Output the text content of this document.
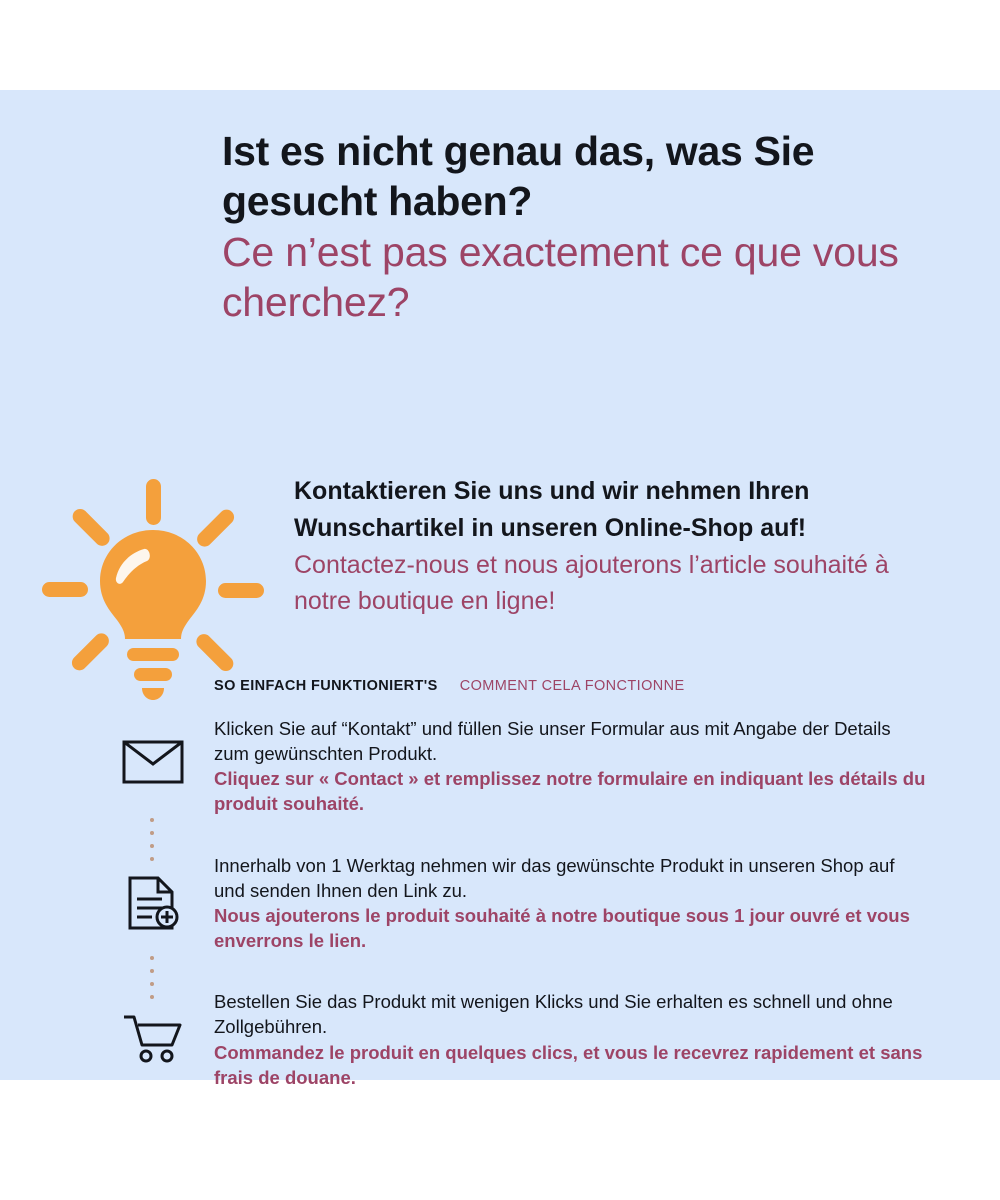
Ist es nicht genau das, was Sie gesucht haben?

Ce n’est pas exactement ce que vous cherchez?

Kontaktieren Sie uns und wir nehmen Ihren Wunschartikel in unseren Online-Shop auf!

Contactez-nous et nous ajouterons l’article souhaité à notre boutique en ligne!

SO EINFACH FUNKTIONIERT'S COMMENT CELA FONCTIONNE

Klicken Sie auf “Kontakt” und füllen Sie unser Formular aus mit Angabe der Details zum gewünschten Produkt.

Cliquez sur « Contact » et remplissez notre formulaire en indiquant les détails du produit souhaité.

Innerhalb von 1 Werktag nehmen wir das gewünschte Produkt in unseren Shop auf und senden Ihnen den Link zu.

Nous ajouterons le produit souhaité à notre boutique sous 1 jour ouvré et vous enverrons le lien.

Bestellen Sie das Produkt mit wenigen Klicks und Sie erhalten es schnell und ohne Zollgebühren.

Commandez le produit en quelques clics, et vous le recevrez rapidement et sans frais de douane.
